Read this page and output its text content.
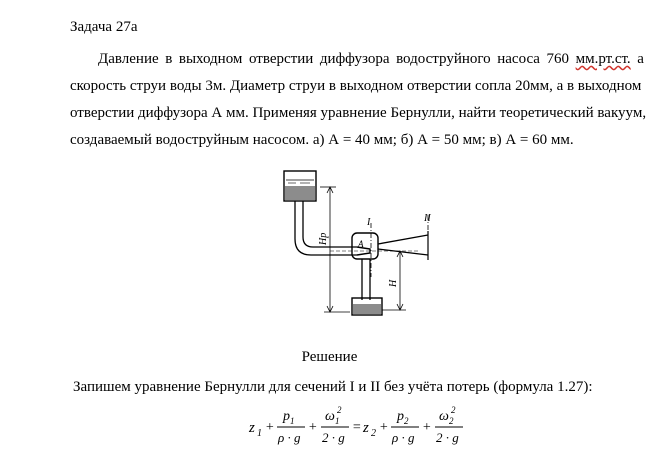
Задача 27а
Давление в выходном отверстии диффузора водоструйного насоса 760 мм.рт.ст. а
скорость струи воды 3м. Диаметр струи в выходном отверстии сопла 20мм, а в выходном
отверстии диффузора А мм. Применяя уравнение Бернулли, найти теоретический вакуум,
создаваемый водоструйным насосом. а) А = 40 мм; б) А = 50 мм; в) А = 60 мм.
I	II
A
Hp
H
Решение
Запишем уравнение Бернулли для сечений I и II без учёта потерь (формула 1.27):
z 1 +
p 1
ρ · g
+
ω 1
2
2 · g
= z 2 +
p 2
ρ · g
+
ω 2
2
2 · g
